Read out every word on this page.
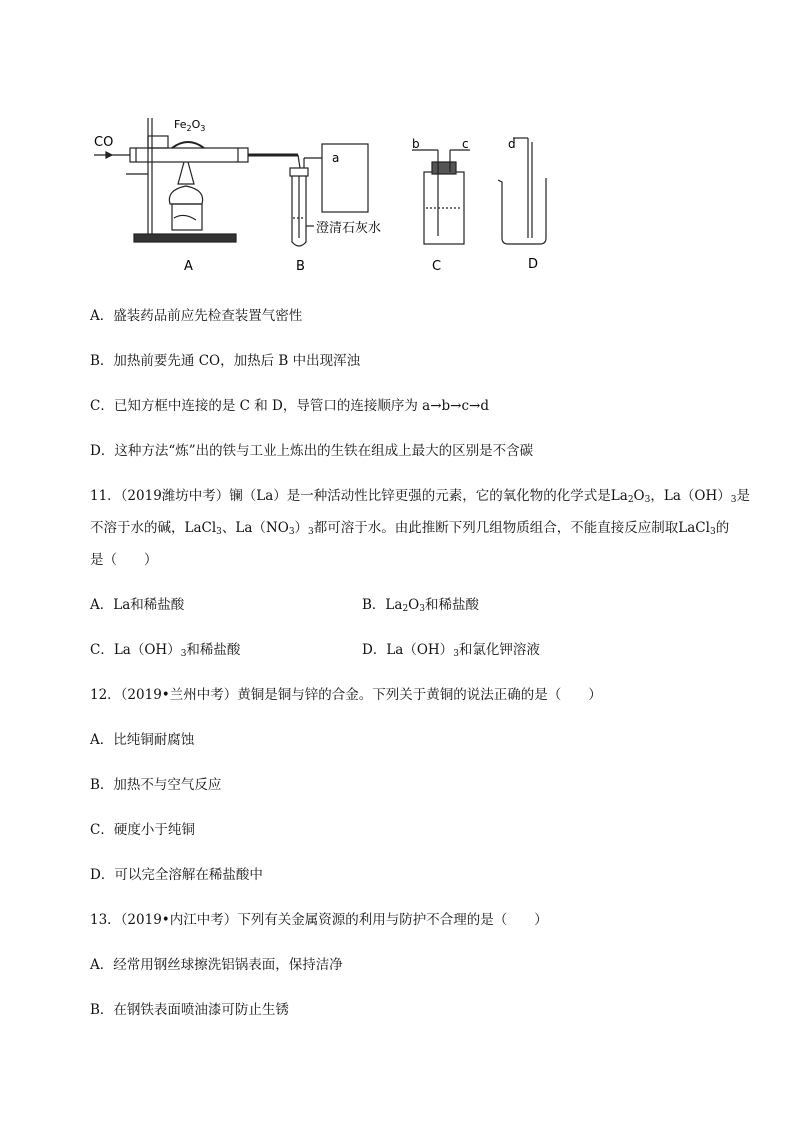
CO
$Fe_2O_3$
a
澄清石灰水
b	c	d
A	B	C	D
A．盛装药品前应先检查装置气密性
B．加热前要先通 CO，加热后 B 中出现浑浊
C．已知方框中连接的是 C 和 D，导管口的连接顺序为 a→b→c→d
D．这种方法“炼”出的铁与工业上炼出的生铁在组成上最大的区别是不含碳
11．（2019潍坊中考）镧（La）是一种活动性比锌更强的元素，它的氧化物的化学式是$La_2O_3$，$La(OH)_3$是
不溶于水的碱，LaCl$_3$、$La(NO_3)_3$都可溶于水。由此推断下列几组物质组合，不能直接反应制取LaCl$_3$的
是（　　）
A．La和稀盐酸	B．$La_2O_3$和稀盐酸
C．$La(OH)_3$和稀盐酸	D．$La(OH)_3$和氯化钾溶液
12．（2019•兰州中考）黄铜是铜与锌的合金。下列关于黄铜的说法正确的是（　　）
A．比纯铜耐腐蚀
B．加热不与空气反应
C．硬度小于纯铜
D．可以完全溶解在稀盐酸中
13．（2019•内江中考）下列有关金属资源的利用与防护不合理的是（　　）
A．经常用钢丝球擦洗铝锅表面，保持洁净
B．在钢铁表面喷油漆可防止生锈
